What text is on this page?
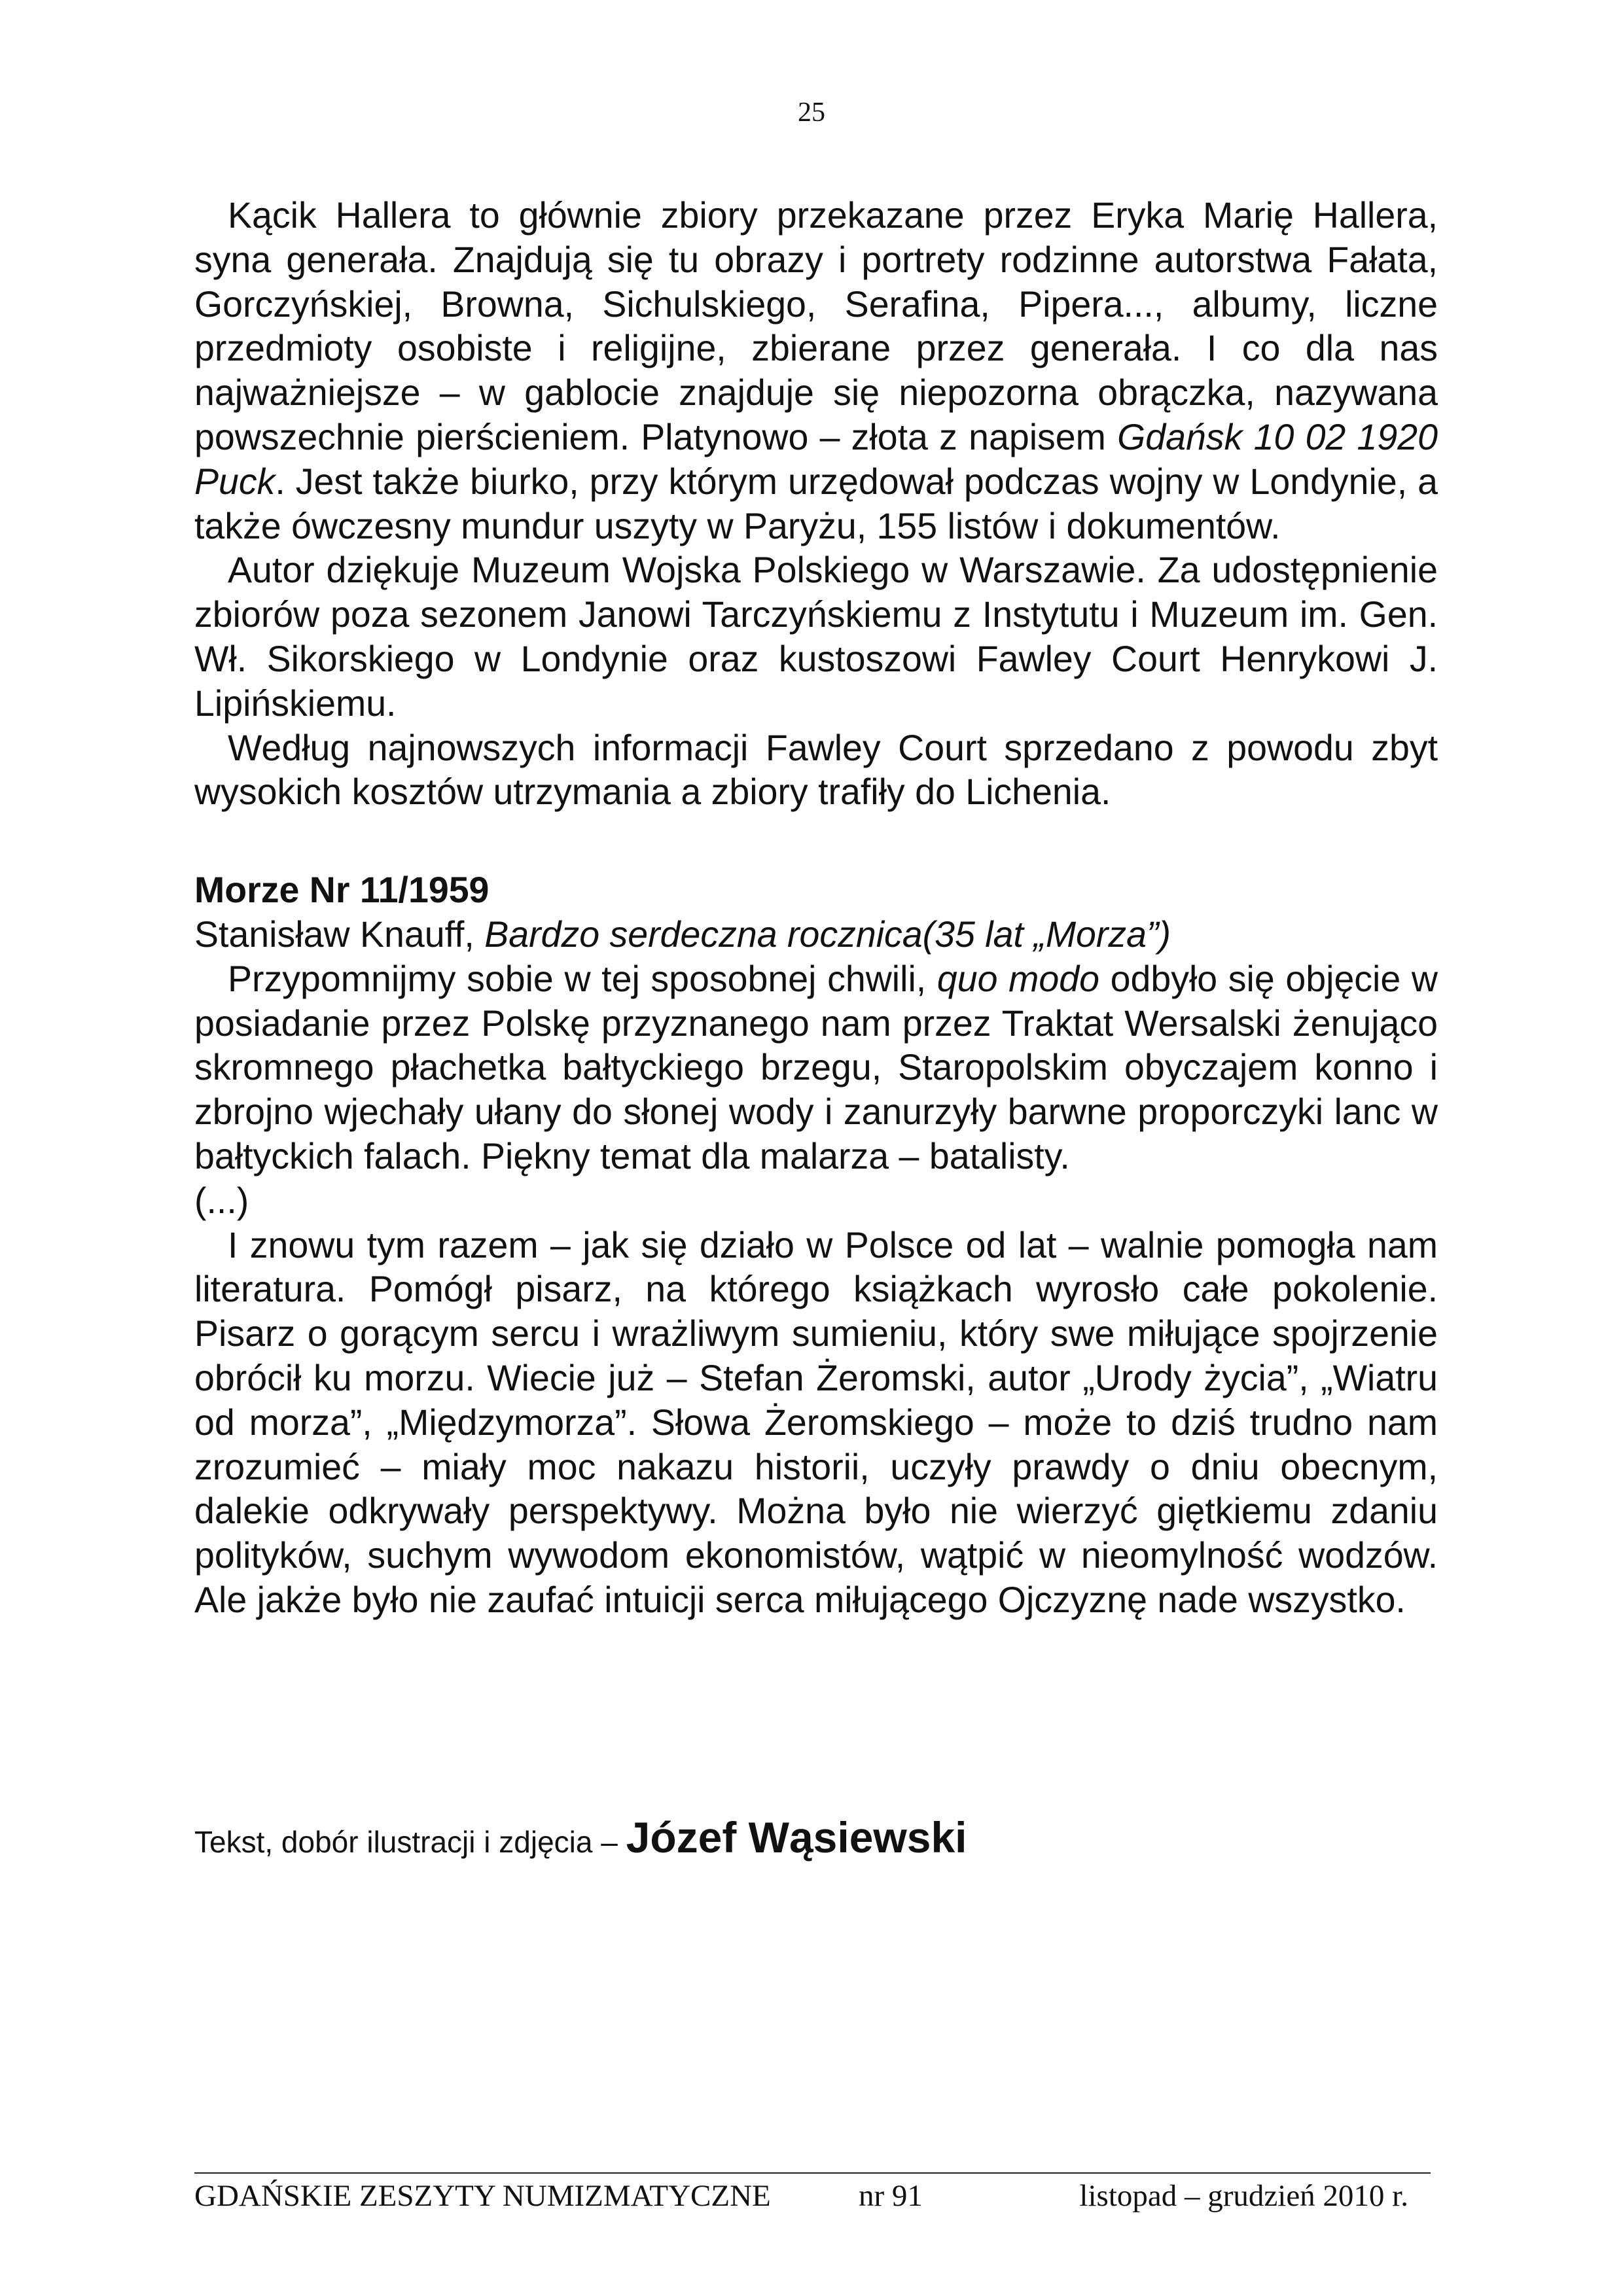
25

Kącik Hallera to głównie zbiory przekazane przez Eryka Marię Hallera, syna generała. Znajdują się tu obrazy i portrety rodzinne autorstwa Fałata, Gorczyńskiej, Browna, Sichulskiego, Serafina, Pipera..., albumy, liczne przedmioty osobiste i religijne, zbierane przez generała. I co dla nas najważniejsze – w gablocie znajduje się niepozorna obrączka, nazywana powszechnie pierścieniem. Platynowo – złota z napisem Gdańsk 10 02 1920 Puck. Jest także biurko, przy którym urzędował podczas wojny w Londynie, a także ówczesny mundur uszyty w Paryżu, 155 listów i dokumentów.

Autor dziękuje Muzeum Wojska Polskiego w Warszawie. Za udostępnienie zbiorów poza sezonem Janowi Tarczyńskiemu z Instytutu i Muzeum im. Gen. Wł. Sikorskiego w Londynie oraz kustoszowi Fawley Court Henrykowi J. Lipińskiemu.

Według najnowszych informacji Fawley Court sprzedano z powodu zbyt wysokich kosztów utrzymania a zbiory trafiły do Lichenia.

Morze Nr 11/1959

Stanisław Knauff, Bardzo serdeczna rocznica(35 lat „Morza”)

Przypomnijmy sobie w tej sposobnej chwili, quo modo odbyło się objęcie w posiadanie przez Polskę przyznanego nam przez Traktat Wersalski żenująco skromnego płachetka bałtyckiego brzegu, Staropolskim obyczajem konno i zbrojno wjechały ułany do słonej wody i zanurzyły barwne proporczyki lanc w bałtyckich falach. Piękny temat dla malarza – batalisty.

(...)

I znowu tym razem – jak się działo w Polsce od lat – walnie pomogła nam literatura. Pomógł pisarz, na którego książkach wyrosło całe pokolenie. Pisarz o gorącym sercu i wrażliwym sumieniu, który swe miłujące spojrzenie obrócił ku morzu. Wiecie już – Stefan Żeromski, autor „Urody życia”, „Wiatru od morza”, „Międzymorza”. Słowa Żeromskiego – może to dziś trudno nam zrozumieć – miały moc nakazu historii, uczyły prawdy o dniu obecnym, dalekie odkrywały perspektywy. Można było nie wierzyć giętkiemu zdaniu polityków, suchym wywodom ekonomistów, wątpić w nieomylność wodzów. Ale jakże było nie zaufać intuicji serca miłującego Ojczyznę nade wszystko.

Tekst, dobór ilustracji i zdjęcia – Józef Wąsiewski
GDAŃSKIE ZESZYTY NUMIZMATYCZNE	nr 91	listopad – grudzień 2010 r.
